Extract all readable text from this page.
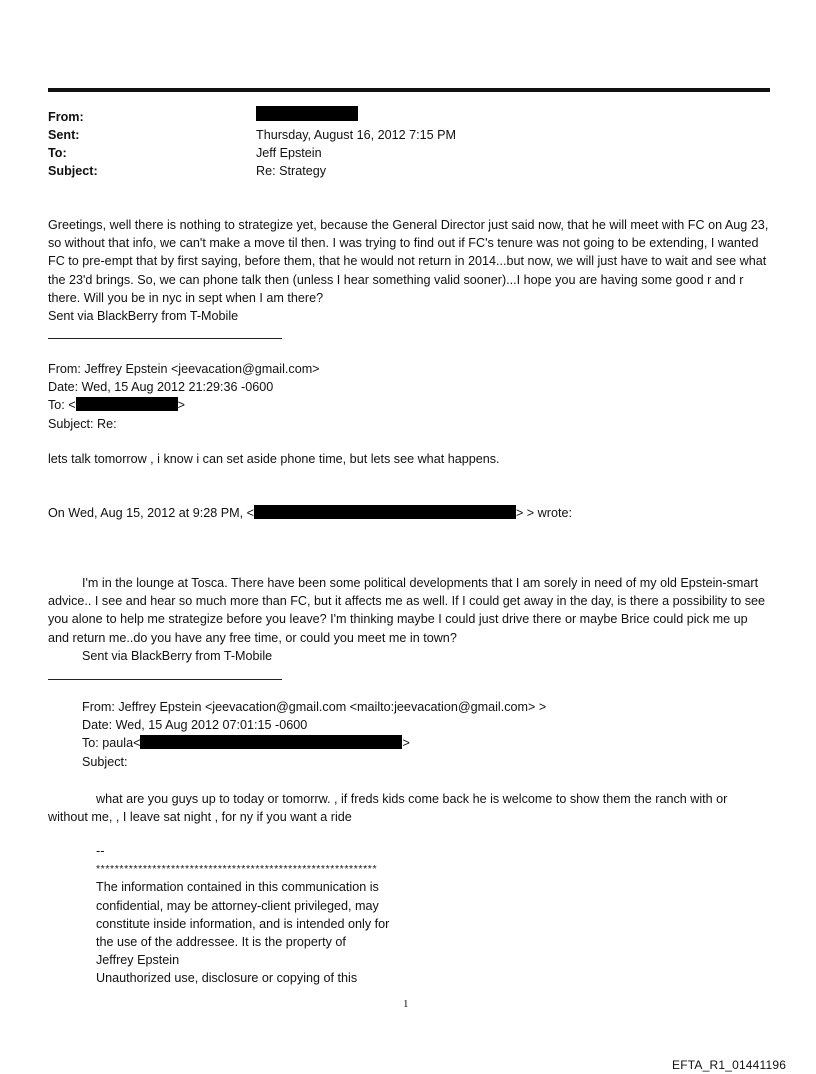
From:
Sent:	Thursday, August 16, 2012 7:15 PM
To:	Jeff Epstein
Subject:	Re: Strategy
Greetings, well there is nothing to strategize yet, because the General Director just said now, that he will meet with FC on Aug 23, so without that info, we can't make a move til then. I was trying to find out if FC's tenure was not going to be extending, I wanted FC to pre-empt that by first saying, before them, that he would not return in 2014...but now, we will just have to wait and see what the 23'd brings. So, we can phone talk then (unless I hear something valid sooner)...I hope you are having some good r and r there. Will you be in nyc in sept when I am there?
Sent via BlackBerry from T-Mobile
From: Jeffrey Epstein <jeevacation@gmail.com>
Date: Wed, 15 Aug 2012 21:29:36 -0600
To: <	>
Subject: Re:
lets talk tomorrow , i know i can set aside phone time, but lets see what happens.
On Wed, Aug 15, 2012 at 9:28 PM, <	> > wrote:
I'm in the lounge at Tosca. There have been some political developments that I am sorely in need of my old Epstein-smart advice.. I see and hear so much more than FC, but it affects me as well. If I could get away in the day, is there a possibility to see you alone to help me strategize before you leave? I'm thinking maybe I could just drive there or maybe Brice could pick me up and return me..do you have any free time, or could you meet me in town?
Sent via BlackBerry from T-Mobile
From: Jeffrey Epstein <jeevacation@gmail.com <mailto:jeevacation@gmail.com> >
Date: Wed, 15 Aug 2012 07:01:15 -0600
To: paula<	>
Subject:
what are you guys up to today or tomorrw. , if freds kids come back he is welcome to show them the ranch with or without me, , I leave sat night , for ny if you want a ride
--
************************************************************
The information contained in this communication is
confidential, may be attorney-client privileged, may
constitute inside information, and is intended only for
the use of the addressee. It is the property of
Jeffrey Epstein
Unauthorized use, disclosure or copying of this
1
EFTA_R1_01441196
